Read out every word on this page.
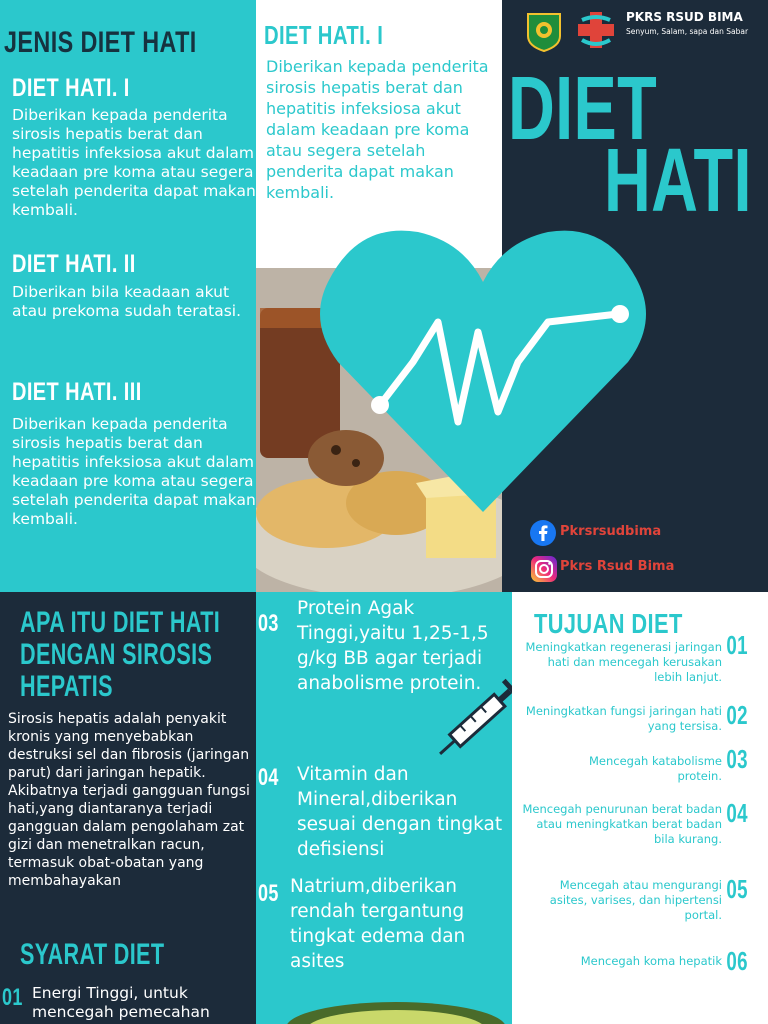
JENIS DIET HATI
DIET HATI. I
Diberikan kepada penderita sirosis hepatis berat dan hepatitis infeksiosa akut dalam keadaan pre koma atau segera setelah penderita dapat makan kembali.
DIET HATI. II
Diberikan bila keadaan akut atau prekoma sudah teratasi.
DIET HATI. III
Diberikan kepada penderita sirosis hepatis berat dan hepatitis infeksiosa akut dalam keadaan pre koma atau segera setelah penderita dapat makan kembali.
DIET HATI. I
Diberikan kepada penderita sirosis hepatis berat dan hepatitis infeksiosa akut dalam keadaan pre koma atau segera setelah penderita dapat makan kembali.
PKRS RSUD BIMA
Senyum, Salam, sapa dan Sabar
DIET
HATI
Pkrsrsudbima
Pkrs Rsud Bima
APA ITU DIET HATI
DENGAN SIROSIS
HEPATIS
Sirosis hepatis adalah penyakit kronis yang menyebabkan destruksi sel dan fibrosis (jaringan parut) dari jaringan hepatik. Akibatnya terjadi gangguan fungsi hati,yang diantaranya terjadi gangguan dalam pengolaham zat gizi dan menetralkan racun, termasuk obat-obatan yang membahayakan
SYARAT DIET
01 Energi Tinggi, untuk mencegah pemecahan
03
Protein Agak Tinggi,yaitu 1,25-1,5 g/kg BB agar terjadi anabolisme protein.
04 Vitamin dan Mineral,diberikan sesuai dengan tingkat defisiensi
05 Natrium,diberikan rendah tergantung tingkat edema dan asites
TUJUAN DIET
Meningkatkan regenerasi jaringan hati dan mencegah kerusakan lebih lanjut.
01
Meningkatkan fungsi jaringan hati yang tersisa. 02
Mencegah katabolisme protein.
03
Mencegah penurunan berat badan atau meningkatkan berat badan bila kurang.
04
Mencegah atau mengurangi asites, varises, dan hipertensi portal.
05
Mencegah koma hepatik 06
